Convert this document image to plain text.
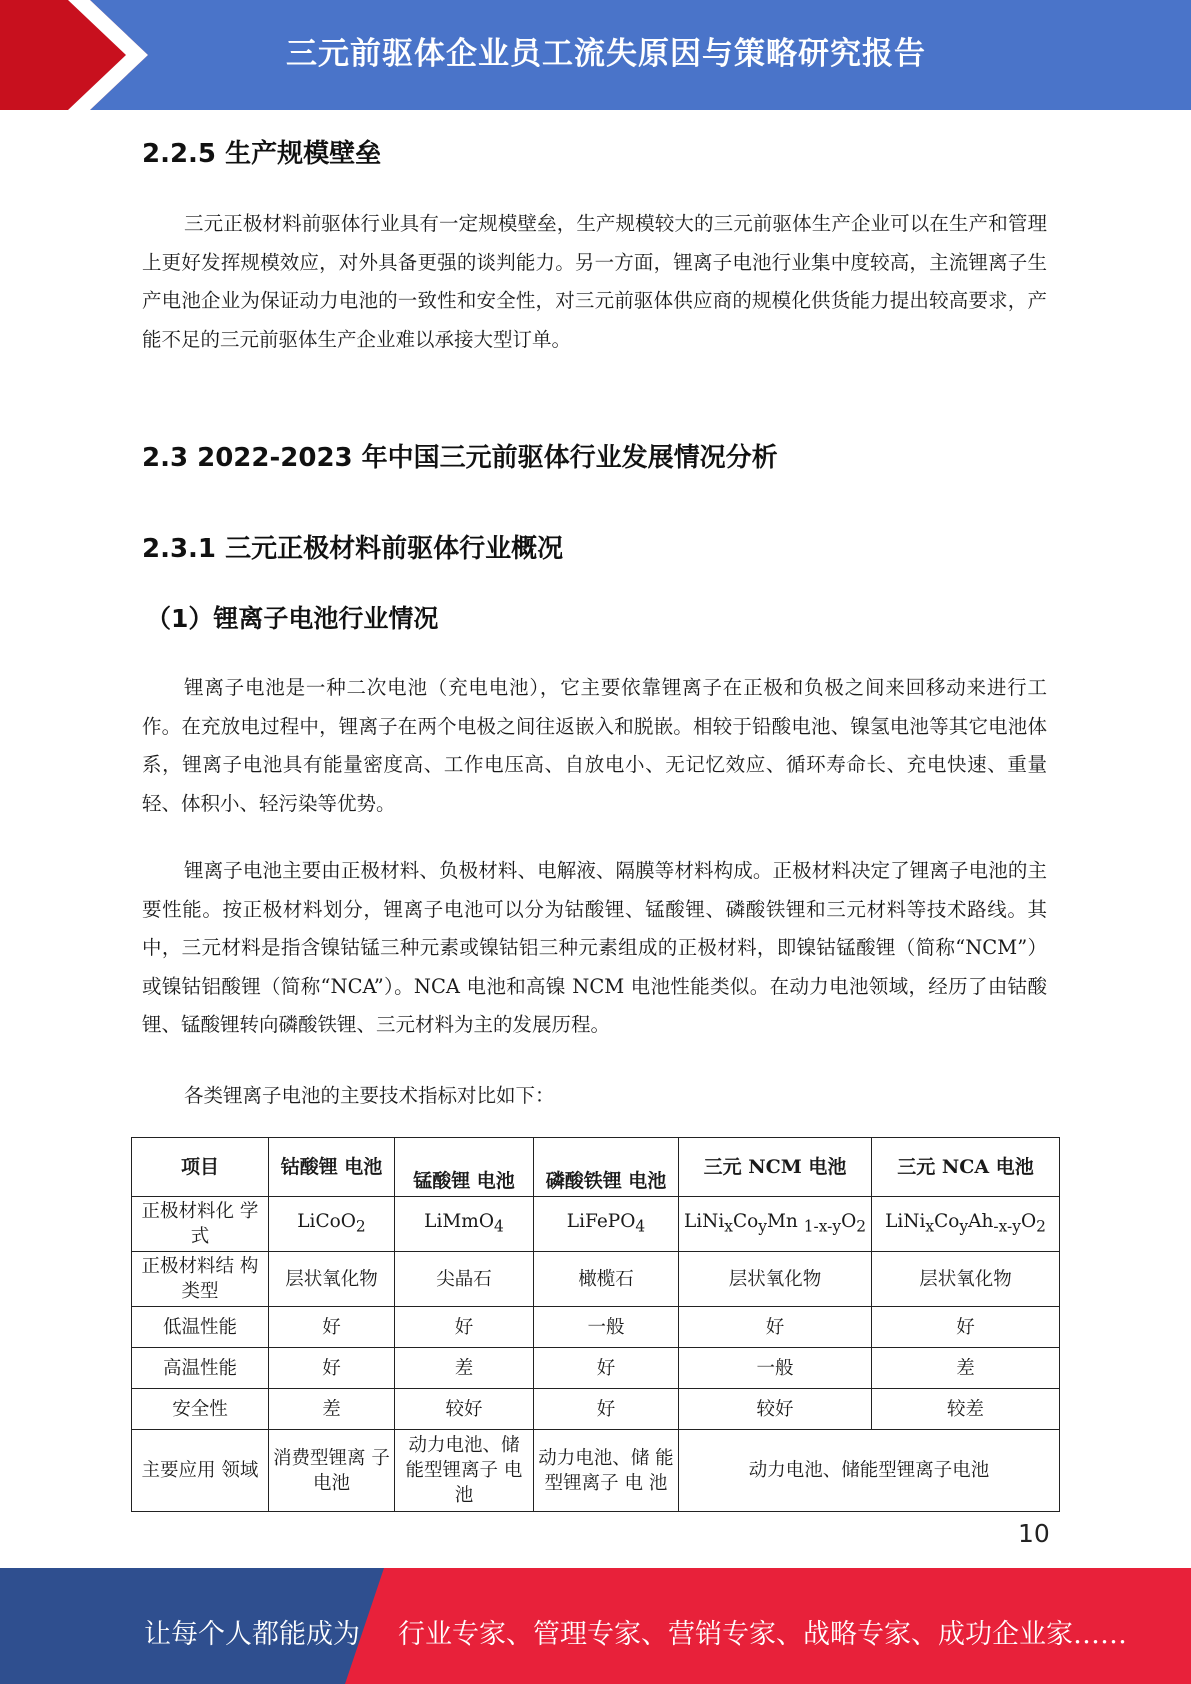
三元前驱体企业员工流失原因与策略研究报告
2.2.5 生产规模壁垒

三元正极材料前驱体行业具有一定规模壁垒，生产规模较大的三元前驱体生产企业可以在生产和管理上更好发挥规模效应，对外具备更强的谈判能力。另一方面，锂离子电池行业集中度较高，主流锂离子生产电池企业为保证动力电池的一致性和安全性，对三元前驱体供应商的规模化供货能力提出较高要求，产能不足的三元前驱体生产企业难以承接大型订单。

2.3 2022-2023 年中国三元前驱体行业发展情况分析
2.3.1 三元正极材料前驱体行业概况
（1）锂离子电池行业情况

锂离子电池是一种二次电池（充电电池），它主要依靠锂离子在正极和负极之间来回移动来进行工作。在充放电过程中，锂离子在两个电极之间往返嵌入和脱嵌。相较于铅酸电池、镍氢电池等其它电池体系，锂离子电池具有能量密度高、工作电压高、自放电小、无记忆效应、循环寿命长、充电快速、重量轻、体积小、轻污染等优势。

锂离子电池主要由正极材料、负极材料、电解液、隔膜等材料构成。正极材料决定了锂离子电池的主要性能。按正极材料划分，锂离子电池可以分为钴酸锂、锰酸锂、磷酸铁锂和三元材料等技术路线。其中，三元材料是指含镍钴锰三种元素或镍钴铝三种元素组成的正极材料，即镍钴锰酸锂（简称“NCM”）或镍钴铝酸锂（简称“NCA”）。NCA 电池和高镍 NCM 电池性能类似。在动力电池领域，经历了由钴酸锂、锰酸锂转向磷酸铁锂、三元材料为主的发展历程。

各类锂离子电池的主要技术指标对比如下：
项目	钴酸锂 电池	锰酸锂 电池	磷酸铁锂 电池	三元 NCM 电池	三元 NCA 电池
正极材料化 学式	LiCoO$_2$	LiMmO$_4$	LiFePO$_4$	$LiNi_xCo_yMn$ $_{1-x-y}O_2$	$LiNi_xCo_yAh_{-x-y}O_2$
正极材料结 构类型	层状氧化物	尖晶石	橄榄石	层状氧化物	层状氧化物
低温性能	好	好	一般	好	好
高温性能	好	差	好	一般	差
安全性	差	较好	好	较好	较差
主要应用 领域	消费型锂离 子电池	动力电池、储 能型锂离子 电 池	动力电池、储 能型锂离子 电 池	动力电池、储能型锂离子电池	
10
让每个人都能成为 行业专家、管理专家、营销专家、战略专家、成功企业家……
